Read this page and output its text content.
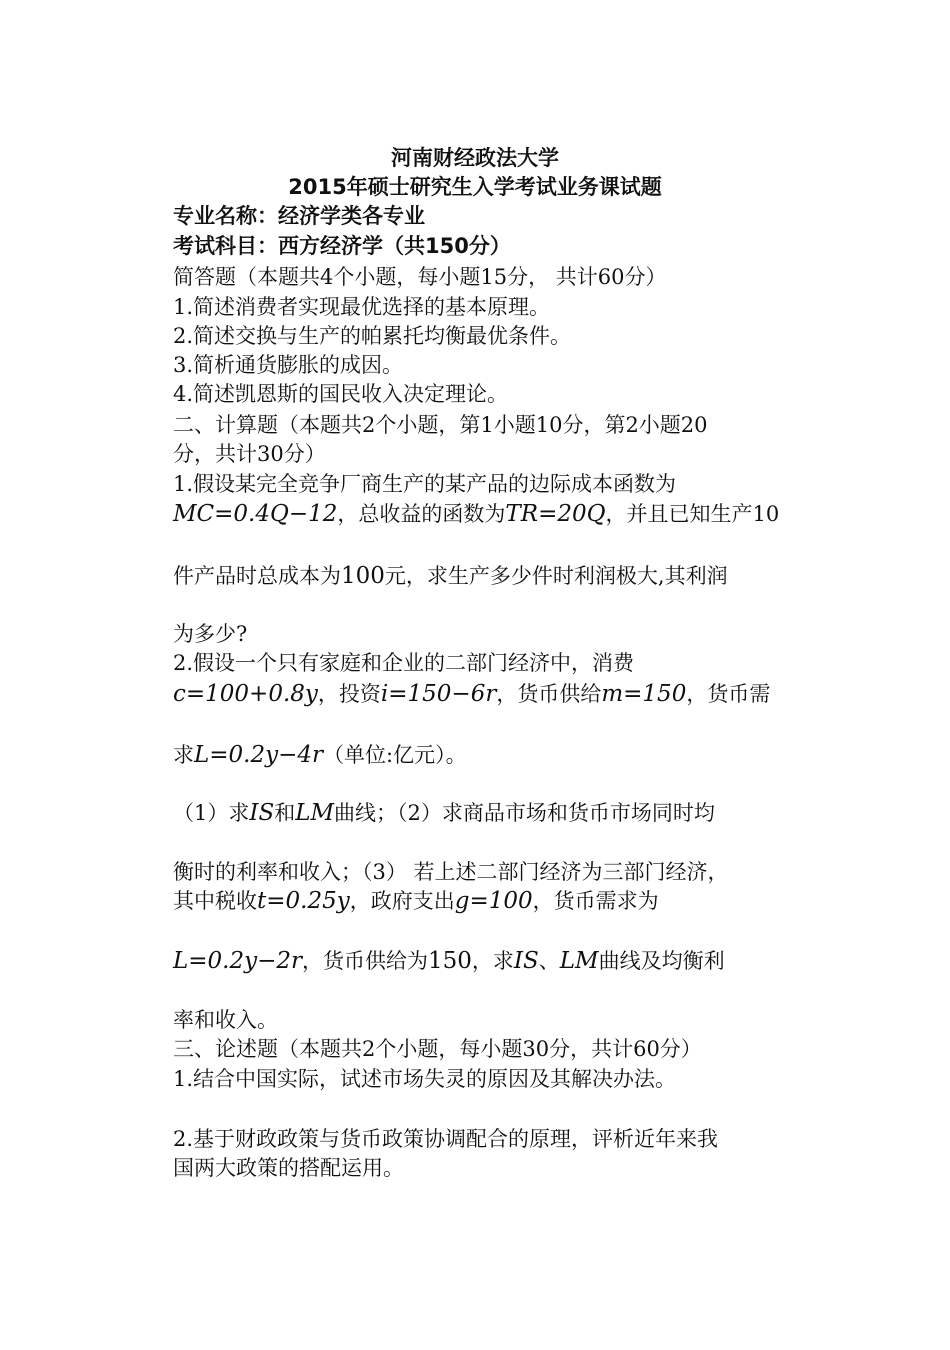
河南财经政法大学
2015年硕士研究生入学考试业务课试题
专业名称：经济学类各专业
考试科目：西方经济学（共150分）
简答题（本题共4个小题，每小题15分， 共计60分）
1.简述消费者实现最优选择的基本原理。
2.简述交换与生产的帕累托均衡最优条件。
3.简析通货膨胀的成因。
4.简述凯恩斯的国民收入决定理论。
二、计算题（本题共2个小题，第1小题10分，第2小题20
分，共计30分）
1.假设某完全竞争厂商生产的某产品的边际成本函数为
MC=0.4Q−12，总收益的函数为TR=20Q，并且已知生产10
件产品时总成本为100元，求生产多少件时利润极大,其利润
为多少?
2.假设一个只有家庭和企业的二部门经济中，消费
c=100+0.8y，投资i=150−6r，货币供给m=150，货币需
求L=0.2y−4r（单位:亿元）。
（1）求IS和LM曲线；（2）求商品市场和货币市场同时均
衡时的利率和收入；（3） 若上述二部门经济为三部门经济，
其中税收t=0.25y，政府支出g=100，货币需求为
L=0.2y−2r，货币供给为150，求IS、LM曲线及均衡利
率和收入。
三、论述题（本题共2个小题，每小题30分，共计60分）
1.结合中国实际，试述市场失灵的原因及其解决办法。
2.基于财政政策与货币政策协调配合的原理，评析近年来我
国两大政策的搭配运用。
